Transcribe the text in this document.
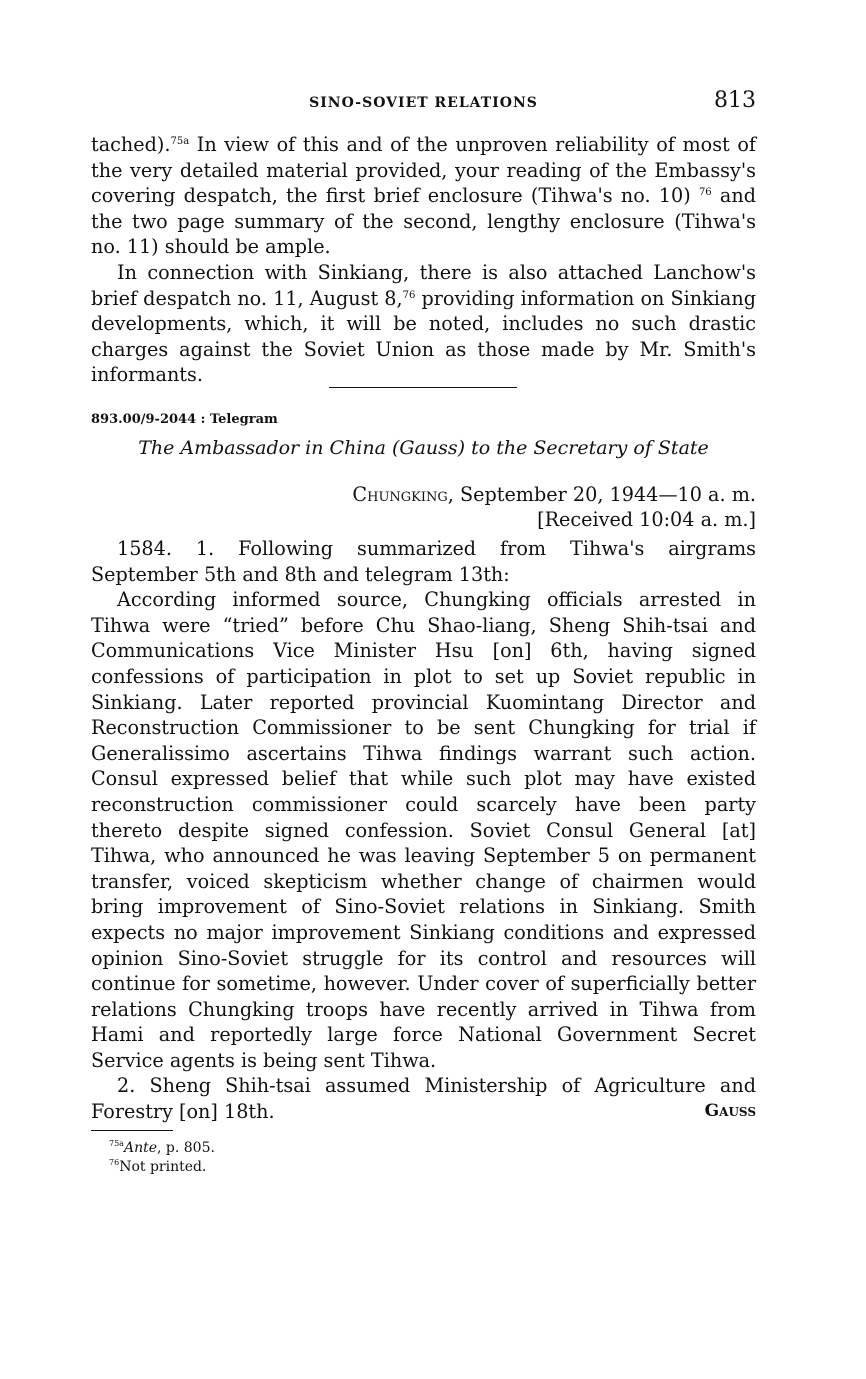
SINO-SOVIET RELATIONS	813

tached).$^{75a}$ In view of this and of the unproven reliability of most of the very detailed material provided, your reading of the Embassy's covering despatch, the first brief enclosure (Tihwa's no. 10) $^{76}$ and the two page summary of the second, lengthy enclosure (Tihwa's no. 11) should be ample.

In connection with Sinkiang, there is also attached Lanchow's brief despatch no. 11, August 8,76 providing information on Sinkiang developments, which, it will be noted, includes no such drastic charges against the Soviet Union as those made by Mr. Smith's informants.

893.00/9-2044 : Telegram
The Ambassador in China (Gauss) to the Secretary of State
Chungking, September 20, 1944—10 a. m.
[Received 10:04 a. m.]

1584. 1. Following summarized from Tihwa's airgrams September 5th and 8th and telegram 13th:

According informed source, Chungking officials arrested in Tihwa were “tried” before Chu Shao-liang, Sheng Shih-tsai and Communications Vice Minister Hsu [on] 6th, having signed confessions of participation in plot to set up Soviet republic in Sinkiang. Later reported provincial Kuomintang Director and Reconstruction Commissioner to be sent Chungking for trial if Generalissimo ascertains Tihwa findings warrant such action. Consul expressed belief that while such plot may have existed reconstruction commissioner could scarcely have been party thereto despite signed confession. Soviet Consul General [at] Tihwa, who announced he was leaving September 5 on permanent transfer, voiced skepticism whether change of chairmen would bring improvement of Sino-Soviet relations in Sinkiang. Smith expects no major improvement Sinkiang conditions and expressed opinion Sino-Soviet struggle for its control and resources will continue for sometime, however. Under cover of superficially better relations Chungking troops have recently arrived in Tihwa from Hami and reportedly large force National Government Secret Service agents is being sent Tihwa.

2. Sheng Shih-tsai assumed Ministership of Agriculture and Forestry [on] 18th.	Gauss
$^{75a}$Ante, p. 805.
$^{76}$Not printed.
